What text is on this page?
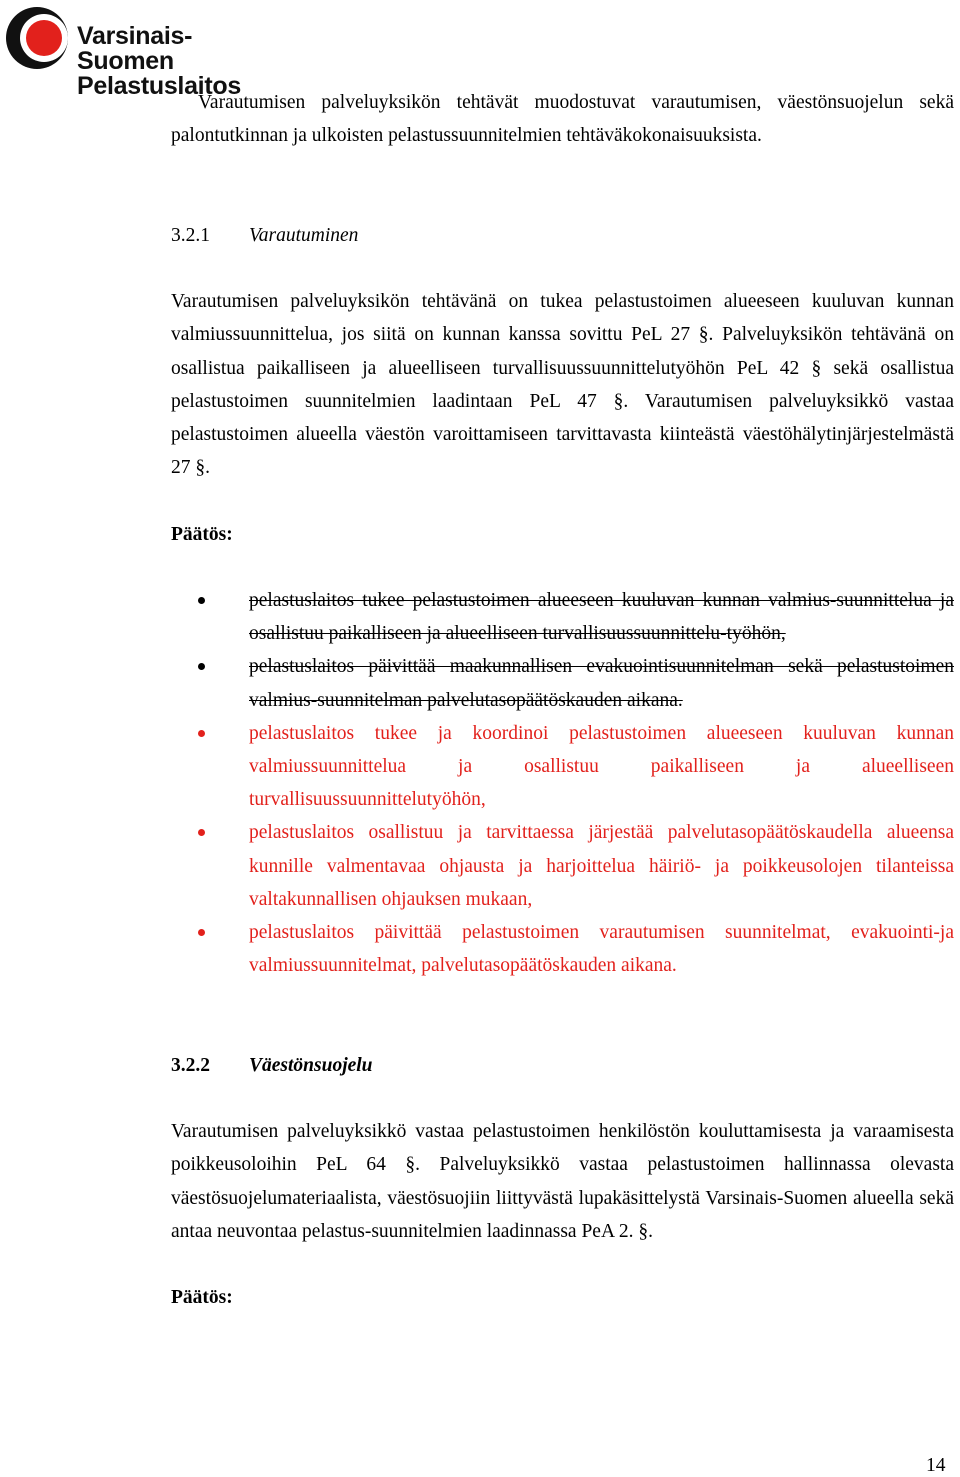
Varsinais-Suomen
Pelastuslaitos

Varautumisen palveluyksikön tehtävät muodostuvat varautumisen, väestönsuojelun sekä palontutkinnan ja ulkoisten pelastussuunnitelmien tehtäväkokonaisuuksista.

3.2.1 Varautuminen

Varautumisen palveluyksikön tehtävänä on tukea pelastustoimen alueeseen kuuluvan kunnan valmiussuunnittelua, jos siitä on kunnan kanssa sovittu PeL 27 §. Palveluyksikön tehtävänä on osallistua paikalliseen ja alueelliseen turvallisuussuunnittelutyöhön PeL 42 § sekä osallistua pelastustoimen suunnitelmien laadintaan PeL 47 §. Varautumisen palveluyksikkö vastaa pelastustoimen alueella väestön varoittamiseen tarvittavasta kiinteästä väestöhälytinjärjestelmästä 27 §.

Päätös:

pelastuslaitos tukee pelastustoimen alueeseen kuuluvan kunnan valmius-suunnittelua ja osallistuu paikalliseen ja alueelliseen turvallisuussuunnittelu-työhön,
pelastuslaitos päivittää maakunnallisen evakuointisuunnitelman sekä pelastustoimen valmius-suunnitelman palvelutasopäätöskauden aikana.
pelastuslaitos tukee ja koordinoi pelastustoimen alueeseen kuuluvan kunnan valmiussuunnittelua ja osallistuu paikalliseen ja alueelliseen turvallisuussuunnittelutyöhön,
pelastuslaitos osallistuu ja tarvittaessa järjestää palvelutasopäätöskaudella alueensa kunnille valmentavaa ohjausta ja harjoittelua häiriö- ja poikkeusolojen tilanteissa valtakunnallisen ohjauksen mukaan,
pelastuslaitos päivittää pelastustoimen varautumisen suunnitelmat, evakuointi-ja valmiussuunnitelmat, palvelutasopäätöskauden aikana.
3.2.2 Väestönsuojelu

Varautumisen palveluyksikkö vastaa pelastustoimen henkilöstön kouluttamisesta ja varaamisesta poikkeusoloihin PeL 64 §. Palveluyksikkö vastaa pelastustoimen hallinnassa olevasta väestösuojelumateriaalista, väestösuojiin liittyvästä lupakäsittelystä Varsinais-Suomen alueella sekä antaa neuvontaa pelastus-suunnitelmien laadinnassa PeA 2. §.

Päätös:

14
